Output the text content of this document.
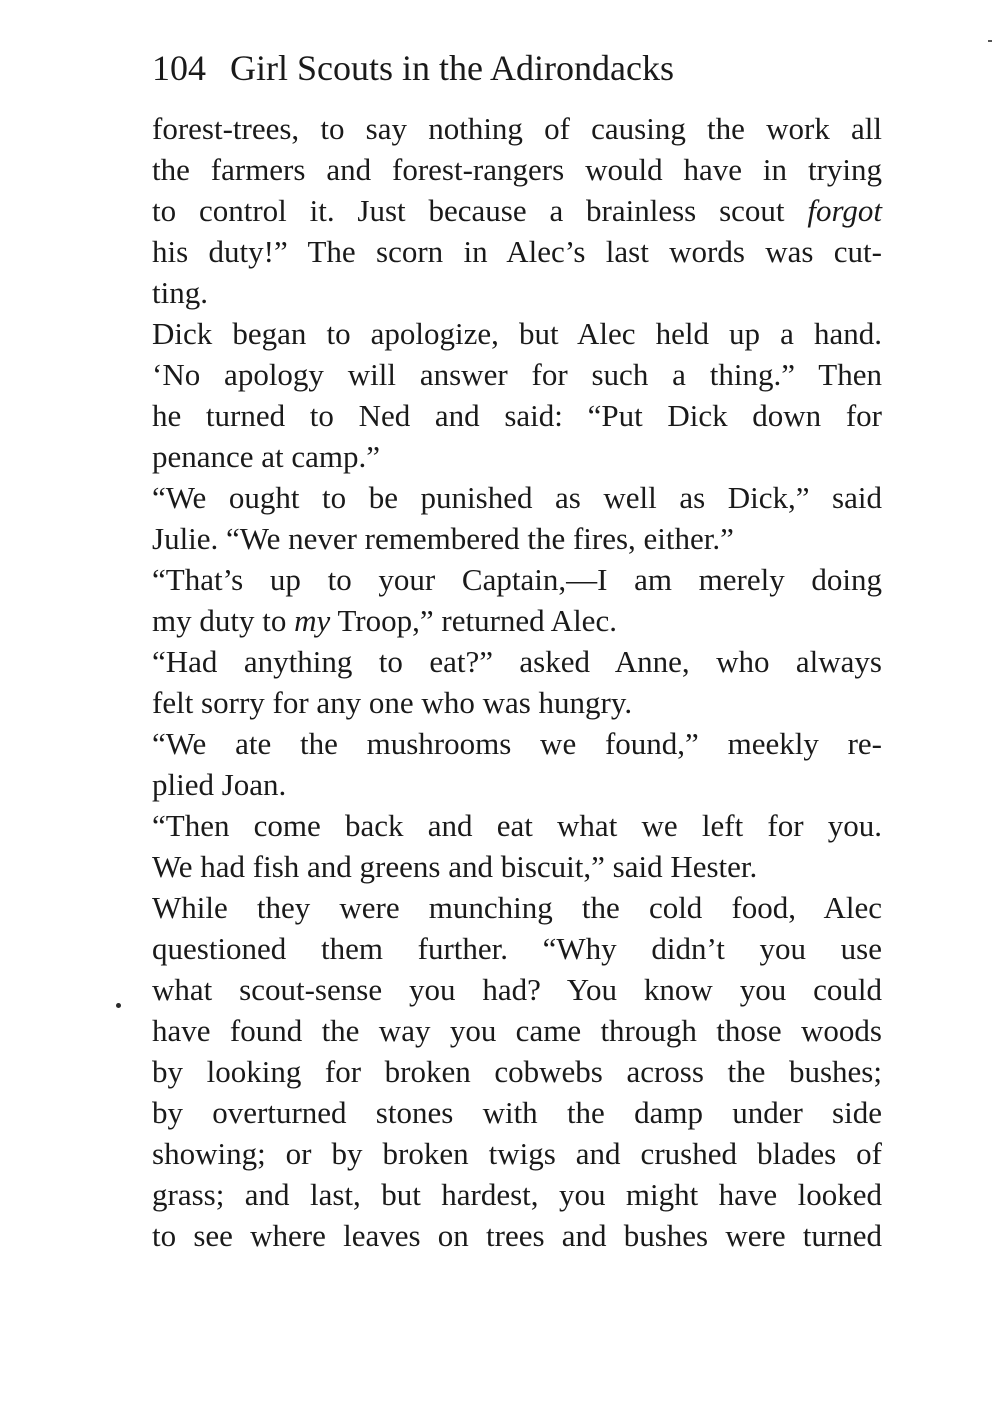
104 Girl Scouts in the Adirondacks
forest-trees, to say nothing of causing the work all
the farmers and forest-rangers would have in trying
to control it. Just because a brainless scout forgot
his duty!” The scorn in Alec’s last words was cut-
ting.
Dick began to apologize, but Alec held up a hand.
‘No apology will answer for such a thing.” Then
he turned to Ned and said: “Put Dick down for
penance at camp.”
“We ought to be punished as well as Dick,” said
Julie. “We never remembered the fires, either.”
“That’s up to your Captain,—I am merely doing
my duty to my Troop,” returned Alec.
“Had anything to eat?” asked Anne, who always
felt sorry for any one who was hungry.
“We ate the mushrooms we found,” meekly re-
plied Joan.
“Then come back and eat what we left for you.
We had fish and greens and biscuit,” said Hester.
While they were munching the cold food, Alec
questioned them further. “Why didn’t you use
what scout-sense you had? You know you could
have found the way you came through those woods
by looking for broken cobwebs across the bushes;
by overturned stones with the damp under side
showing; or by broken twigs and crushed blades of
grass; and last, but hardest, you might have looked
to see where leaves on trees and bushes were turned
